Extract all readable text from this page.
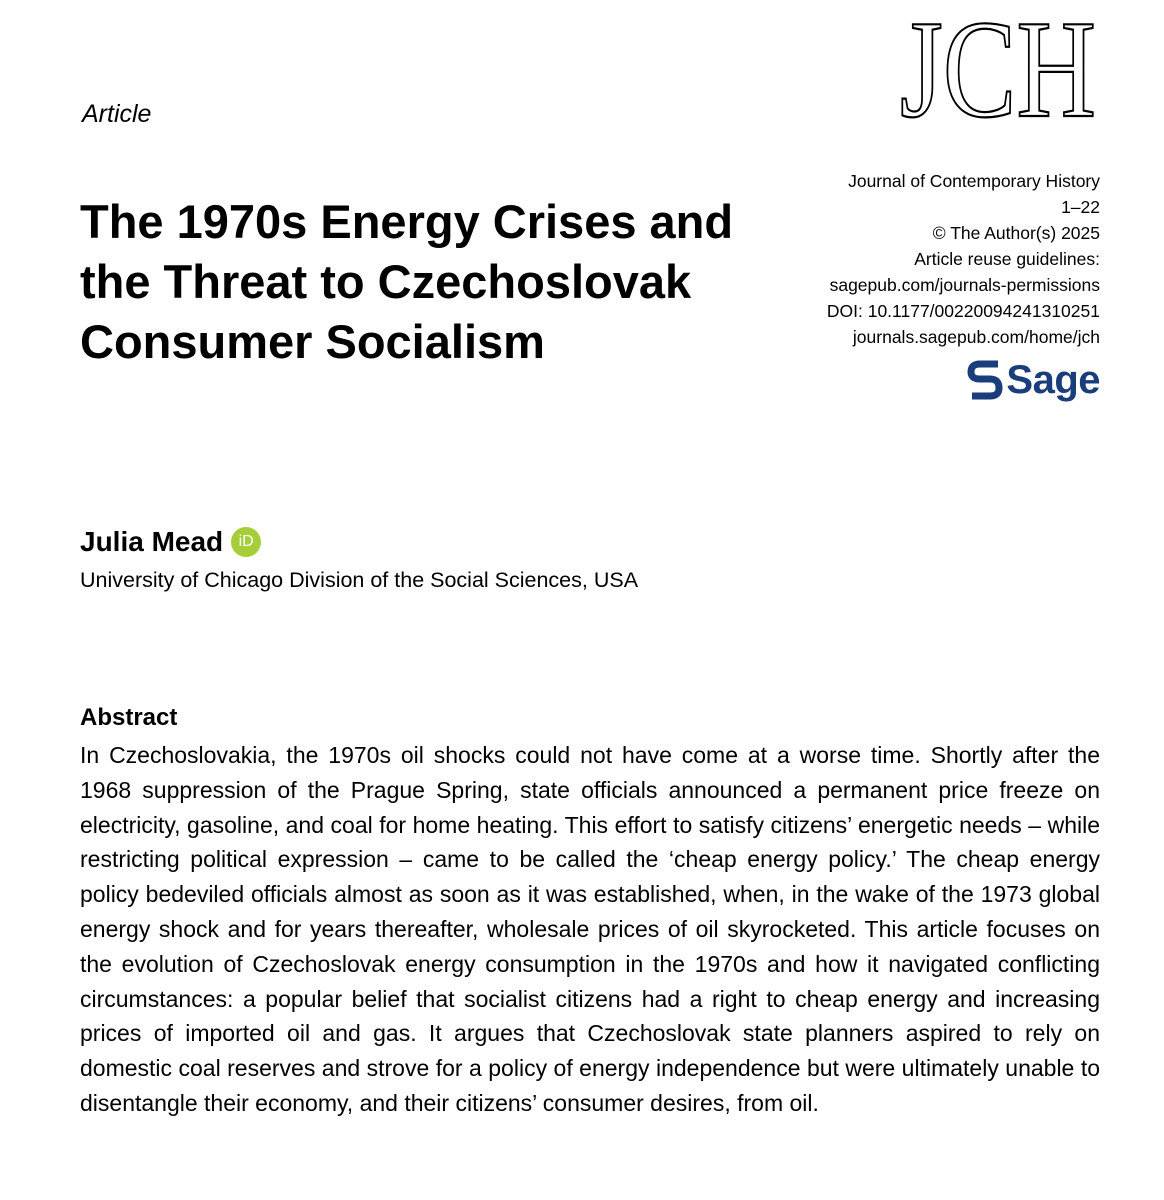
JCH
Article
Journal of Contemporary History
1–22
© The Author(s) 2025
Article reuse guidelines:
sagepub.com/journals-permissions
DOI: 10.1177/00220094241310251
journals.sagepub.com/home/jch
Sage
The 1970s Energy Crises and the Threat to Czechoslovak Consumer Socialism
Julia Mead iD
University of Chicago Division of the Social Sciences, USA
Abstract

In Czechoslovakia, the 1970s oil shocks could not have come at a worse time. Shortly after the 1968 suppression of the Prague Spring, state officials announced a permanent price freeze on electricity, gasoline, and coal for home heating. This effort to satisfy citizens’ energetic needs – while restricting political expression – came to be called the ‘cheap energy policy.’ The cheap energy policy bedeviled officials almost as soon as it was established, when, in the wake of the 1973 global energy shock and for years thereafter, wholesale prices of oil skyrocketed. This article focuses on the evolution of Czechoslovak energy consumption in the 1970s and how it navigated conflicting circumstances: a popular belief that socialist citizens had a right to cheap energy and increasing prices of imported oil and gas. It argues that Czechoslovak state planners aspired to rely on domestic coal reserves and strove for a policy of energy independence but were ultimately unable to disentangle their economy, and their citizens’ consumer desires, from oil.
